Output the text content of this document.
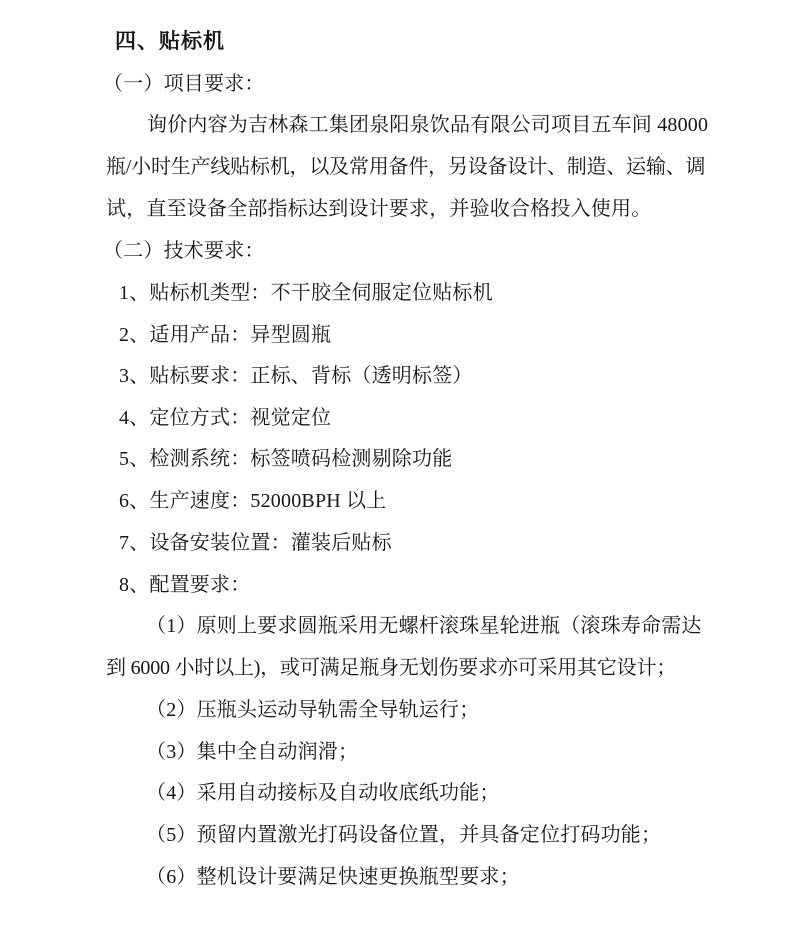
四、贴标机

（一）项目要求：

询价内容为吉林森工集团泉阳泉饮品有限公司项目五车间 48000

瓶/小时生产线贴标机，以及常用备件，另设备设计、制造、运输、调

试，直至设备全部指标达到设计要求，并验收合格投入使用。

（二）技术要求：

1、贴标机类型：不干胶全伺服定位贴标机

2、适用产品：异型圆瓶

3、贴标要求：正标、背标（透明标签）

4、定位方式：视觉定位

5、检测系统：标签喷码检测剔除功能

6、生产速度：52000BPH 以上

7、设备安装位置：灌装后贴标

8、配置要求：

（1）原则上要求圆瓶采用无螺杆滚珠星轮进瓶（滚珠寿命需达

到 6000 小时以上)，或可满足瓶身无划伤要求亦可采用其它设计；

（2）压瓶头运动导轨需全导轨运行；

（3）集中全自动润滑；

（4）采用自动接标及自动收底纸功能；

（5）预留内置激光打码设备位置，并具备定位打码功能；

（6）整机设计要满足快速更换瓶型要求；
